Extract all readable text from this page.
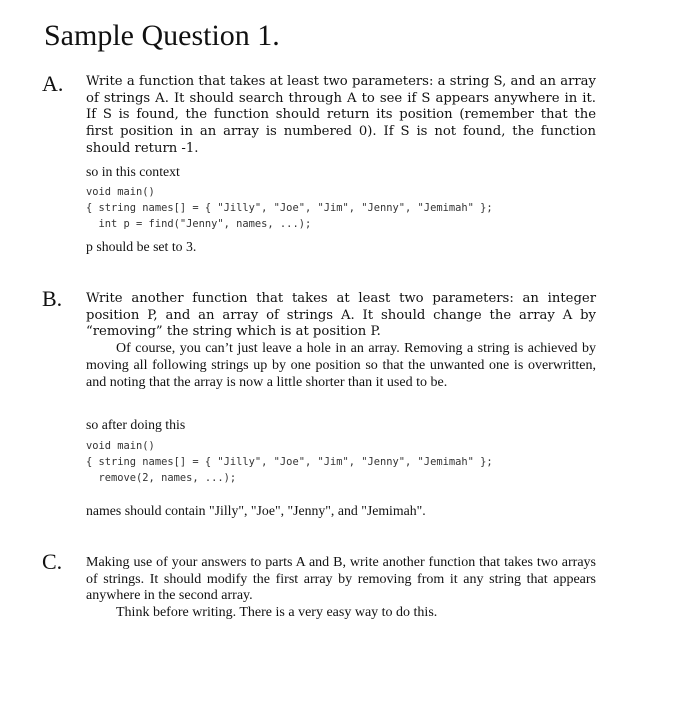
Sample Question 1.
A. Write a function that takes at least two parameters: a string S, and an array of strings A. It should search through A to see if S appears anywhere in it. If S is found, the function should return its position (remember that the first position in an array is numbered 0). If S is not found, the function should return -1.

so in this context

void main()
{ string names[] = { "Jilly", "Joe", "Jim", "Jenny", "Jemimah" };
int p = find("Jenny", names, ...);

p should be set to 3.

B. Write another function that takes at least two parameters: an integer position P, and an array of strings A. It should change the array A by “removing” the string which is at position P.

Of course, you can’t just leave a hole in an array. Removing a string is achieved by moving all following strings up by one position so that the unwanted one is overwritten, and noting that the array is now a little shorter than it used to be.

so after doing this

void main()
{ string names[] = { "Jilly", "Joe", "Jim", "Jenny", "Jemimah" };
remove(2, names, ...);

names should contain "Jilly", "Joe", "Jenny", and "Jemimah".

C. Making use of your answers to parts A and B, write another function that takes two arrays of strings. It should modify the first array by removing from it any string that appears anywhere in the second array.

Think before writing. There is a very easy way to do this.
